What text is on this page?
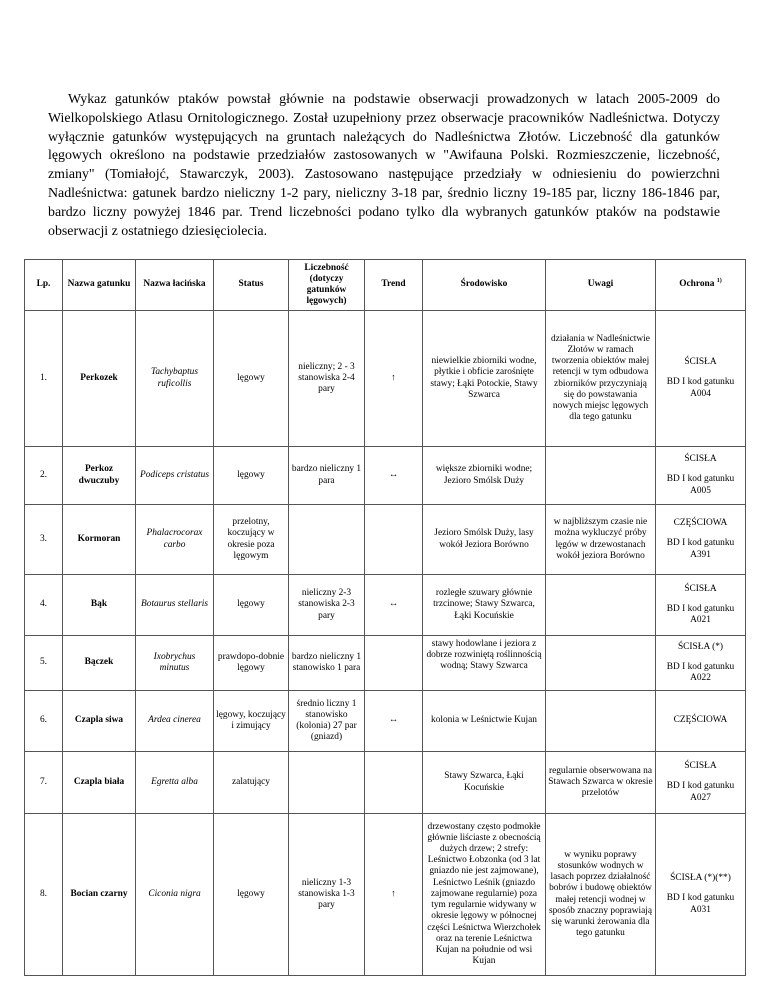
Wykaz gatunków ptaków powstał głównie na podstawie obserwacji prowadzonych w latach 2005-2009 do Wielkopolskiego Atlasu Ornitologicznego. Został uzupełniony przez obserwacje pracowników Nadleśnictwa. Dotyczy wyłącznie gatunków występujących na gruntach należących do Nadleśnictwa Złotów. Liczebność dla gatunków lęgowych określono na podstawie przedziałów zastosowanych w "Awifauna Polski. Rozmieszczenie, liczebność, zmiany" (Tomiałojć, Stawarczyk, 2003). Zastosowano następujące przedziały w odniesieniu do powierzchni Nadleśnictwa: gatunek bardzo nieliczny 1-2 pary, nieliczny 3-18 par, średnio liczny 19-185 par, liczny 186-1846 par, bardzo liczny powyżej 1846 par. Trend liczebności podano tylko dla wybranych gatunków ptaków na podstawie obserwacji z ostatniego dziesięciolecia.

Lp.	Nazwa gatunku	Nazwa łacińska	Status	Liczebność (dotyczy gatunków lęgowych)	Trend	Środowisko	Uwagi	Ochrona $^{1)}$
1.	Perkozek	Tachybaptus ruficollis	lęgowy	nieliczny; 2 - 3 stanowiska 2-4 pary	↑	niewielkie zbiorniki wodne, płytkie i obficie zarośnięte stawy; Łąki Potockie, Stawy Szwarca	działania w Nadleśnictwie Złotów w ramach tworzenia obiektów małej retencji w tym odbudowa zbiorników przyczyniają się do powstawania nowych miejsc lęgowych dla tego gatunku	ŚCISŁA
BD I kod gatunku A004

2.	Perkoz dwuczuby	Podiceps cristatus	lęgowy	bardzo nieliczny 1 para	↔	większe zbiorniki wodne; Jezioro Smólsk Duży		ŚCISŁA
BD I kod gatunku A005

3.	Kormoran	Phalacrocorax carbo	przelotny, koczujący w okresie poza lęgowym			Jezioro Smólsk Duży, lasy wokół Jeziora Borówno	w najbliższym czasie nie można wykluczyć próby lęgów w drzewostanach wokół jeziora Borówno	CZĘŚCIOWA
BD I kod gatunku A391

4.	Bąk	Botaurus stellaris	lęgowy	nieliczny 2-3 stanowiska 2-3 pary	↔	rozległe szuwary głównie trzcinowe; Stawy Szwarca, Łąki Kocuńskie		ŚCISŁA
BD I kod gatunku A021

5.	Bączek	Ixobrychus minutus	prawdopo-dobnie lęgowy	bardzo nieliczny 1 stanowisko 1 para		stawy hodowlane i jeziora z dobrze rozwiniętą roślinnością wodną; Stawy Szwarca		ŚCISŁA (*)
BD I kod gatunku A022

6.	Czapla siwa	Ardea cinerea	lęgowy, koczujący i zimujący	średnio liczny 1 stanowisko (kolonia) 27 par (gniazd)	↔	kolonia w Leśnictwie Kujan		CZĘŚCIOWA

7.	Czapla biała	Egretta alba	zalatujący			Stawy Szwarca, Łąki Kocuńskie	regularnie obserwowana na Stawach Szwarca w okresie przelotów	ŚCISŁA
BD I kod gatunku A027

8.	Bocian czarny	Ciconia nigra	lęgowy	nieliczny 1-3 stanowiska 1-3 pary	↑	drzewostany często podmokłe głównie liściaste z obecnością dużych drzew; 2 strefy: Leśnictwo Łobzonka (od 3 lat gniazdo nie jest zajmowane), Leśnictwo Leśnik (gniazdo zajmowane regularnie) poza tym regularnie widywany w okresie lęgowy w północnej części Leśnictwa Wierzchołek oraz na terenie Leśnictwa Kujan na południe od wsi Kujan	w wyniku poprawy stosunków wodnych w lasach poprzez działalność bobrów i budowę obiektów małej retencji wodnej w sposób znaczny poprawiają się warunki żerowania dla tego gatunku	ŚCISŁA (*)(**)
BD I kod gatunku A031
